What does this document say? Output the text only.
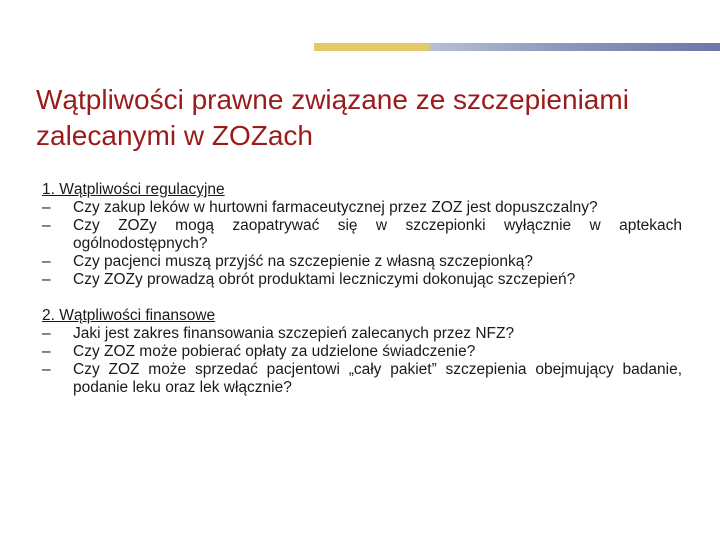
Wątpliwości prawne związane ze szczepieniami zalecanymi w ZOZach
1. Wątpliwości regulacyjne
–	Czy zakup leków w hurtowni farmaceutycznej przez ZOZ jest dopuszczalny?
–	Czy ZOZy mogą zaopatrywać się w szczepionki wyłącznie w aptekach ogólnodostępnych?
–	Czy pacjenci muszą przyjść na szczepienie z własną szczepionką?
–	Czy ZOZy prowadzą obrót produktami leczniczymi dokonując szczepień?
2. Wątpliwości finansowe
–	Jaki jest zakres finansowania szczepień zalecanych przez NFZ?
–	Czy ZOZ może pobierać opłaty za udzielone świadczenie?
–	Czy ZOZ może sprzedać pacjentowi „cały pakiet” szczepienia obejmujący badanie, podanie leku oraz lek włącznie?
